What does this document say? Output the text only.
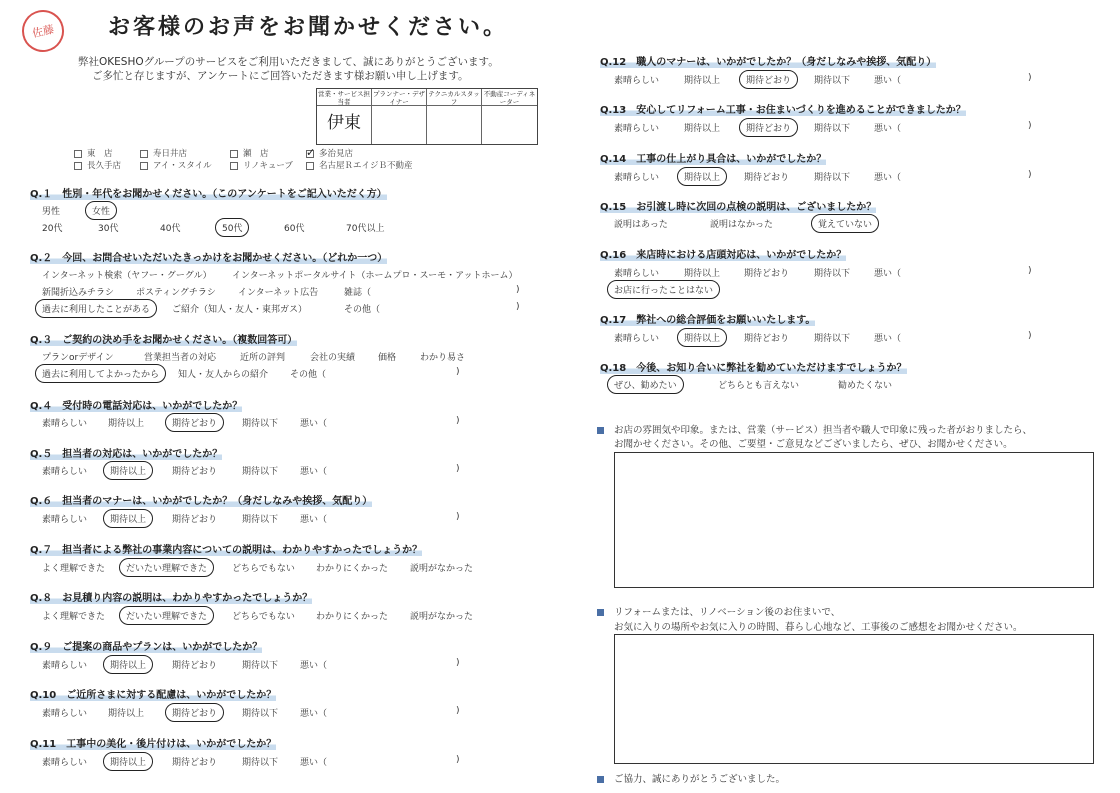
佐藤	お客様のお声をお聞かせください。
弊社OKESHOグループのサービスをご利用いただきまして、誠にありがとうございます。
ご多忙と存じますが、アンケートにご回答いただきます様お願い申し上げます。
営業・サービス担当者
プランナー・デザイナー
テクニカルスタッフ
不動産コーディネーター
伊東
東　店	寿日井店	瀬　店
✓	多治見店
長久手店	アイ・スタイル	リノキューブ	名古屋ＲエイジＢ不動産
Q.１　性別・年代をお聞かせください。（このアンケートをご記入いただく方）
男性	女性
20代	30代	40代	50代	60代	70代以上
Q.２　今回、お問合せいただいたきっかけをお聞かせください。（どれか一つ）
インターネット検索（ヤフー・グーグル） インターネットポータルサイト（ホームプロ・スーモ・アットホーム）
新聞折込みチラシ ポスティングチラシ インターネット広告	雑誌（	)
過去に利用したことがある	ご紹介（知人・友人・東邦ガス）	その他（	)
Q.３　ご契約の決め手をお聞かせください。（複数回答可）
プランorデザイン	営業担当者の対応	近所の評判	会社の実績	価格	わかり易さ
過去に利用してよかったから	知人・友人からの紹介 その他（	)
Q.４　受付時の電話対応は、いかがでしたか？
素晴らしい 期待以上	期待どおり	期待以下 悪い（	)
Q.５　担当者の対応は、いかがでしたか？
素晴らしい	期待以上	期待どおり	期待以下 悪い（	)
Q.６　担当者のマナーは、いかがでしたか？（身だしなみや挨拶、気配り）
素晴らしい	期待以上	期待どおり	期待以下 悪い（	)
Q.７　担当者による弊社の事業内容についての説明は、わかりやすかったでしょうか？
よく理解できた	だいたい理解できた	どちらでもない わかりにくかった 説明がなかった
Q.８　お見積り内容の説明は、わかりやすかったでしょうか？
よく理解できた	だいたい理解できた	どちらでもない わかりにくかった 説明がなかった
Q.９　ご提案の商品やプランは、いかがでしたか？
素晴らしい	期待以上	期待どおり	期待以下 悪い（	)
Q.10　ご近所さまに対する配慮は、いかがでしたか？
素晴らしい 期待以上	期待どおり	期待以下 悪い（	)
Q.11　工事中の美化・後片付けは、いかがでしたか？
素晴らしい	期待以上	期待どおり	期待以下 悪い（	)
Q.12　職人のマナーは、いかがでしたか？（身だしなみや挨拶、気配り）
素晴らしい	期待以上	期待どおり	期待以下	悪い（	)
Q.13　安心してリフォーム工事・お住まいづくりを進めることができましたか？
素晴らしい	期待以上	期待どおり	期待以下	悪い（	)
Q.14　工事の仕上がり具合は、いかがでしたか？
素晴らしい	期待以上	期待どおり	期待以下	悪い（	)
Q.15　お引渡し時に次回の点検の説明は、ございましたか？
説明はあった	説明はなかった	覚えていない
Q.16　来店時における店頭対応は、いかがでしたか？
素晴らしい	期待以上	期待どおり	期待以下	悪い（	)
お店に行ったことはない
Q.17　弊社への総合評価をお願いいたします。
素晴らしい	期待以上	期待どおり	期待以下	悪い（	)
Q.18　今後、お知り合いに弊社を勧めていただけますでしょうか？
ぜひ、勧めたい	どちらとも言えない	勧めたくない
お店の雰囲気や印象。または、営業（サービス）担当者や職人で印象に残った者がおりましたら、
お聞かせください。その他、ご要望・ご意見などございましたら、ぜひ、お聞かせください。
リフォームまたは、リノベーション後のお住まいで、
お気に入りの場所やお気に入りの時間、暮らし心地など、工事後のご感想をお聞かせください。
ご協力、誠にありがとうございました。
